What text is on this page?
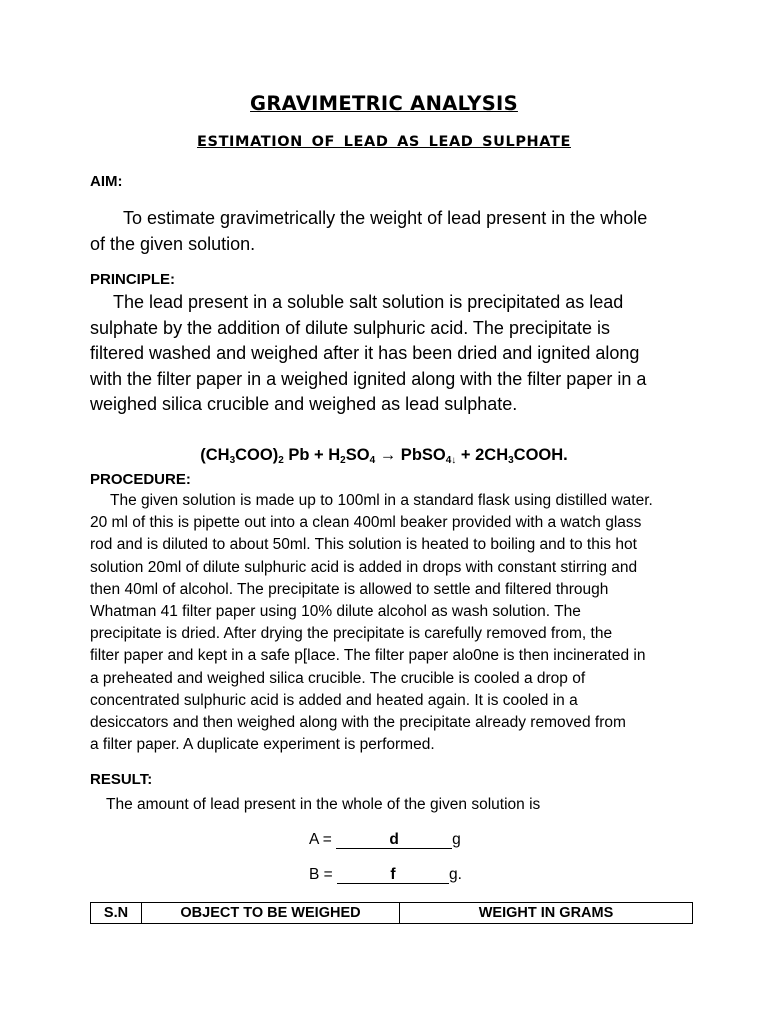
GRAVIMETRIC ANALYSIS
ESTIMATION OF LEAD AS LEAD SULPHATE
AIM:
To estimate gravimetrically the weight of lead present in the whole
of the given solution.
PRINCIPLE:
The lead present in a soluble salt solution is precipitated as lead
sulphate by the addition of dilute sulphuric acid. The precipitate is
filtered washed and weighed after it has been dried and ignited along
with the filter paper in a weighed ignited along with the filter paper in a
weighed silica crucible and weighed as lead sulphate.
$(CH_3COO)_2$ $Pb + H_2SO_4$ → PbSO$_{4↓}$ + $2CH_3COOH$.
PROCEDURE:
The given solution is made up to 100ml in a standard flask using distilled water.
20 ml of this is pipette out into a clean 400ml beaker provided with a watch glass
rod and is diluted to about 50ml. This solution is heated to boiling and to this hot
solution 20ml of dilute sulphuric acid is added in drops with constant stirring and
then 40ml of alcohol. The precipitate is allowed to settle and filtered through
Whatman 41 filter paper using 10% dilute alcohol as wash solution. The
precipitate is dried. After drying the precipitate is carefully removed from, the
filter paper and kept in a safe p[lace. The filter paper alo0ne is then incinerated in
a preheated and weighed silica crucible. The crucible is cooled a drop of
concentrated sulphuric acid is added and heated again. It is cooled in a
desiccators and then weighed along with the precipitate already removed from
a filter paper. A duplicate experiment is performed.
RESULT:
The amount of lead present in the whole of the given solution is
A =	d	g
B =	f	g.
S.N	OBJECT TO BE WEIGHED	WEIGHT IN GRAMS
